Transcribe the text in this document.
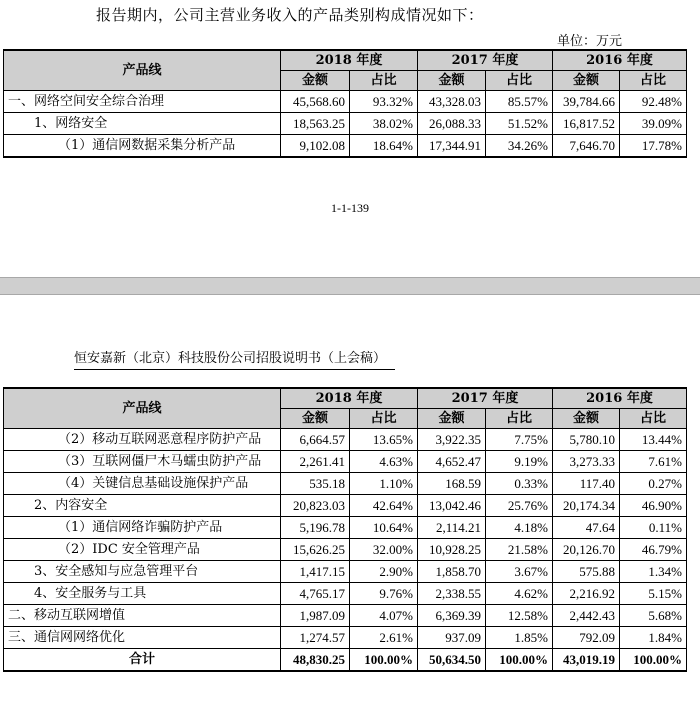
报告期内，公司主营业务收入的产品类别构成情况如下：
单位：万元
产品线	2018 年度		2017 年度		2016 年度	
	金额	占比	金额	占比	金额	占比
一、网络空间安全综合治理	45,568.60	93.32%	43,328.03	85.57%	39,784.66	92.48%
1、网络安全	18,563.25	38.02%	26,088.33	51.52%	16,817.52	39.09%
（1）通信网数据采集分析产品	9,102.08	18.64%	17,344.91	34.26%	7,646.70	17.78%
1-1-139
恒安嘉新（北京）科技股份公司招股说明书（上会稿）
产品线	2018 年度		2017 年度		2016 年度	
	金额	占比	金额	占比	金额	占比
（2）移动互联网恶意程序防护产品	6,664.57	13.65%	3,922.35	7.75%	5,780.10	13.44%
（3）互联网僵尸木马蠕虫防护产品	2,261.41	4.63%	4,652.47	9.19%	3,273.33	7.61%
（4）关键信息基础设施保护产品	535.18	1.10%	168.59	0.33%	117.40	0.27%
2、内容安全	20,823.03	42.64%	13,042.46	25.76%	20,174.34	46.90%
（1）通信网络诈骗防护产品	5,196.78	10.64%	2,114.21	4.18%	47.64	0.11%
（2）IDC 安全管理产品	15,626.25	32.00%	10,928.25	21.58%	20,126.70	46.79%
3、安全感知与应急管理平台	1,417.15	2.90%	1,858.70	3.67%	575.88	1.34%
4、安全服务与工具	4,765.17	9.76%	2,338.55	4.62%	2,216.92	5.15%
二、移动互联网增值	1,987.09	4.07%	6,369.39	12.58%	2,442.43	5.68%
三、通信网网络优化	1,274.57	2.61%	937.09	1.85%	792.09	1.84%
合计	48,830.25	100.00%	50,634.50	100.00%	43,019.19	100.00%
